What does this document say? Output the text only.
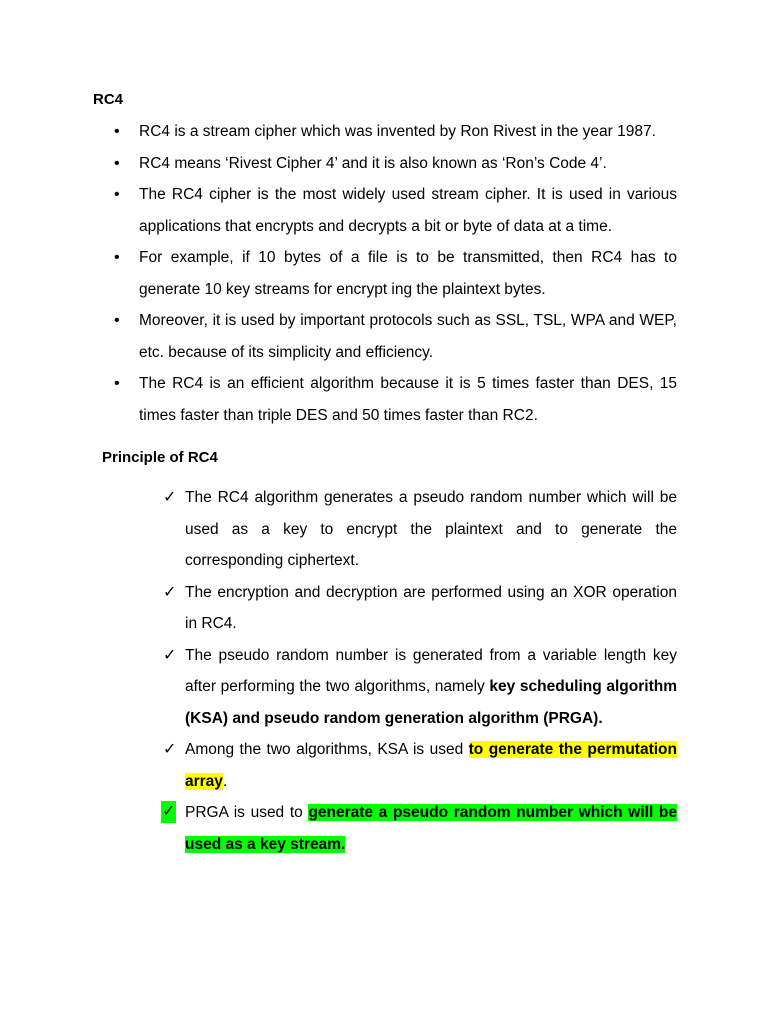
RC4
• RC4 is a stream cipher which was invented by Ron Rivest in the year 1987.
• RC4 means ‘Rivest Cipher 4’ and it is also known as ‘Ron’s Code 4’.
• The RC4 cipher is the most widely used stream cipher. It is used in various applications that encrypts and decrypts a bit or byte of data at a time.
• For example, if 10 bytes of a file is to be transmitted, then RC4 has to generate 10 key streams for encrypt ing the plaintext bytes.
• Moreover, it is used by important protocols such as SSL, TSL, WPA and WEP, etc. because of its simplicity and efficiency.
• The RC4 is an efficient algorithm because it is 5 times faster than DES, 15 times faster than triple DES and 50 times faster than RC2.
Principle of RC4
✓ The RC4 algorithm generates a pseudo random number which will be used as a key to encrypt the plaintext and to generate the corresponding ciphertext.
✓ The encryption and decryption are performed using an XOR operation in RC4.
✓ The pseudo random number is generated from a variable length key after performing the two algorithms, namely key scheduling algorithm (KSA) and pseudo random generation algorithm (PRGA).
✓ Among the two algorithms, KSA is used to generate the permutation array.
✓ PRGA is used to generate a pseudo random number which will be used as a key stream.
